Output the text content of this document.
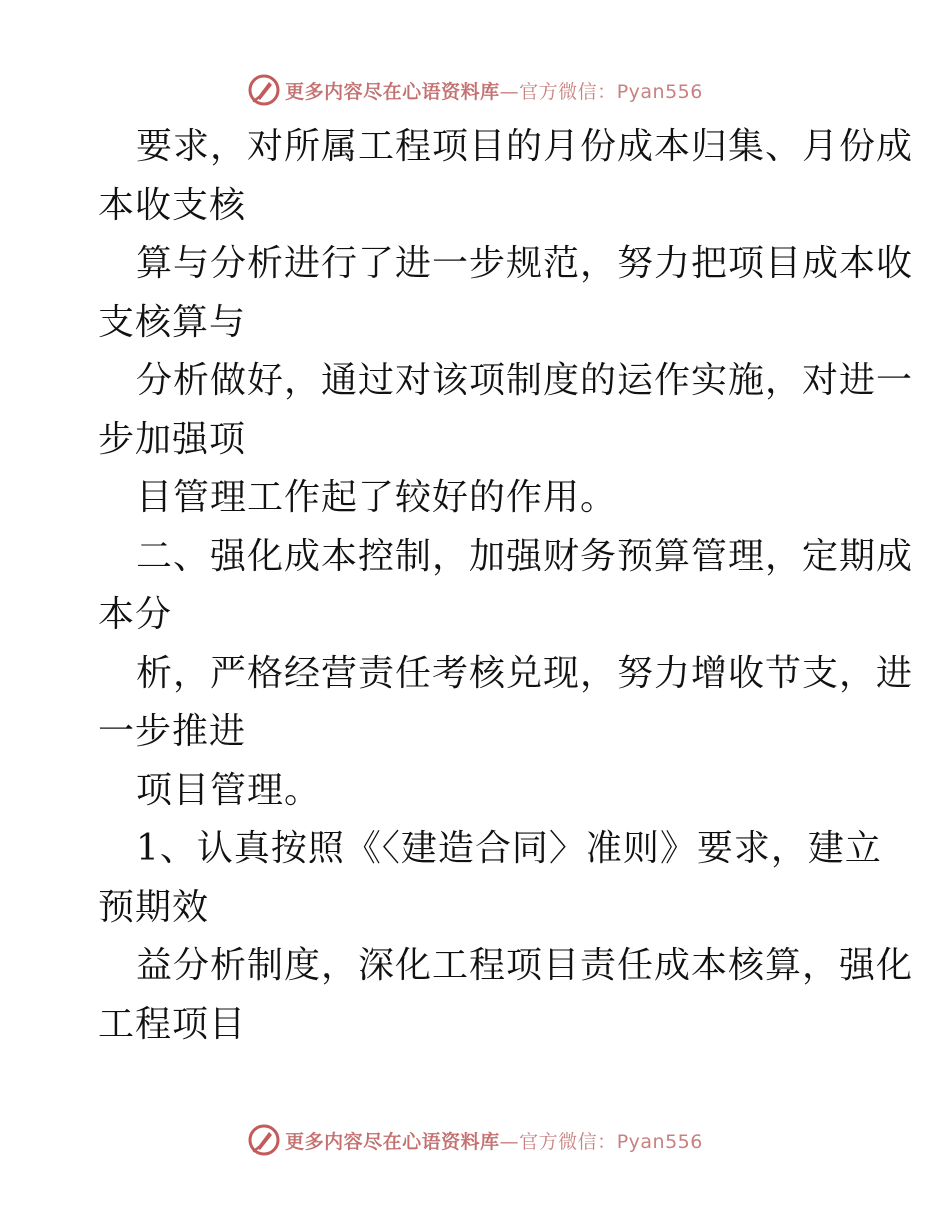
更多内容尽在心语资料库—官方微信：Pyan556
要求，对所属工程项目的月份成本归集、月份成
本收支核
算与分析进行了进一步规范，努力把项目成本收
支核算与
分析做好，通过对该项制度的运作实施，对进一
步加强项
目管理工作起了较好的作用。
二、强化成本控制，加强财务预算管理，定期成
本分
析，严格经营责任考核兑现，努力增收节支，进
一步推进
项目管理。
1、认真按照《〈建造合同〉准则》要求，建立
预期效
益分析制度，深化工程项目责任成本核算，强化
工程项目
更多内容尽在心语资料库—官方微信：Pyan556
